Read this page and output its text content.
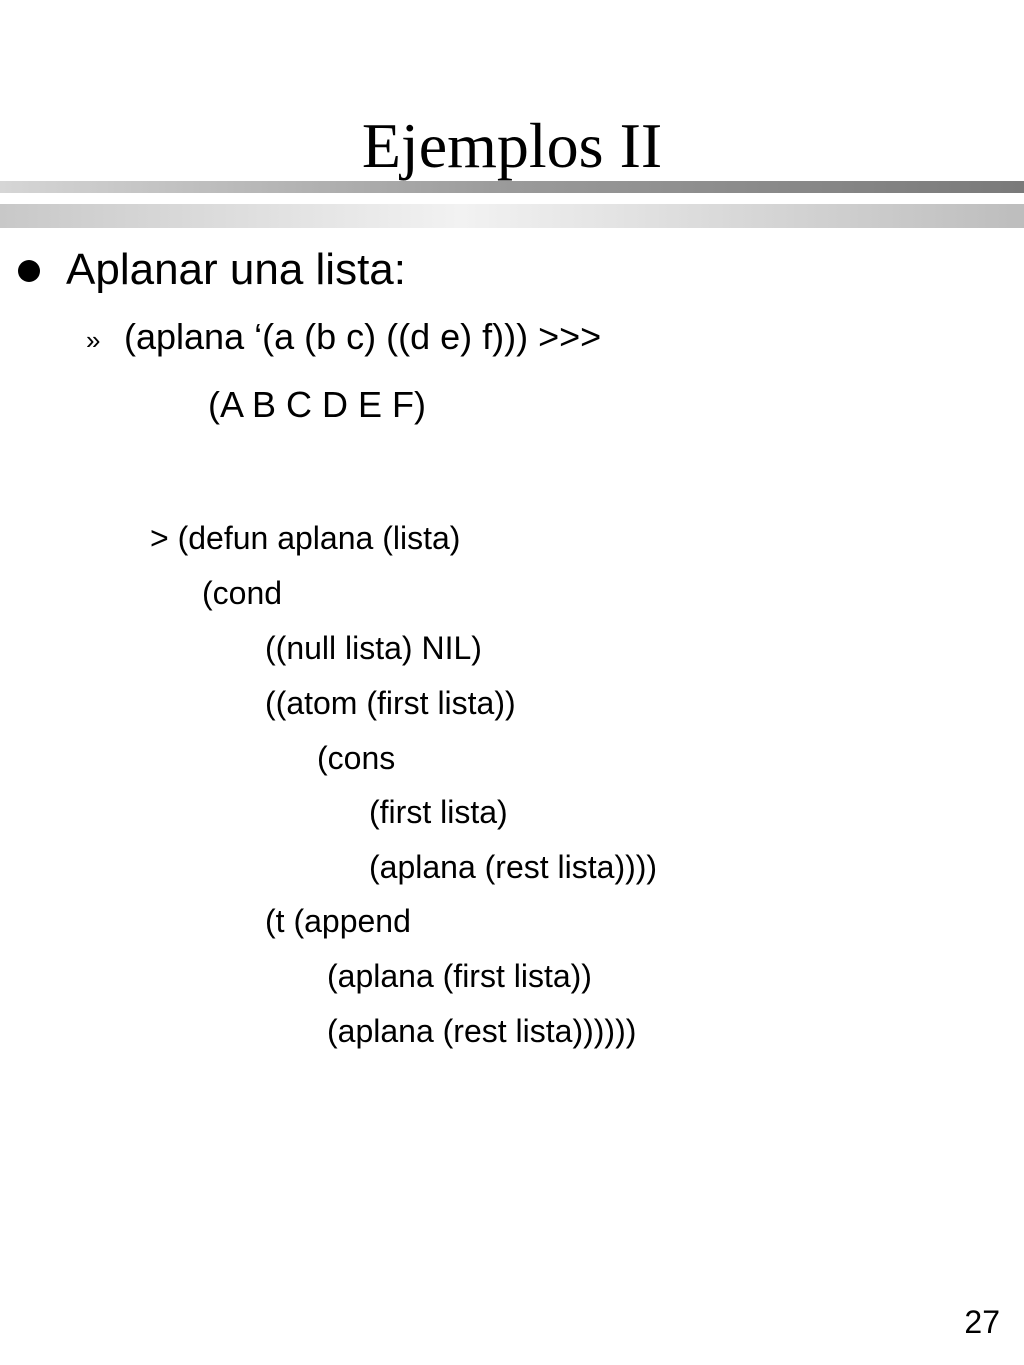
Ejemplos II
Aplanar una lista:
» (aplana ‘(a (b c) ((d e) f))) >>>
(A B C D E F)
> (defun aplana (lista)
(cond
((null lista) NIL)
((atom (first lista))
(cons
(first lista)
(aplana (rest lista))))
(t (append
(aplana (first lista))
(aplana (rest lista))))))
27
